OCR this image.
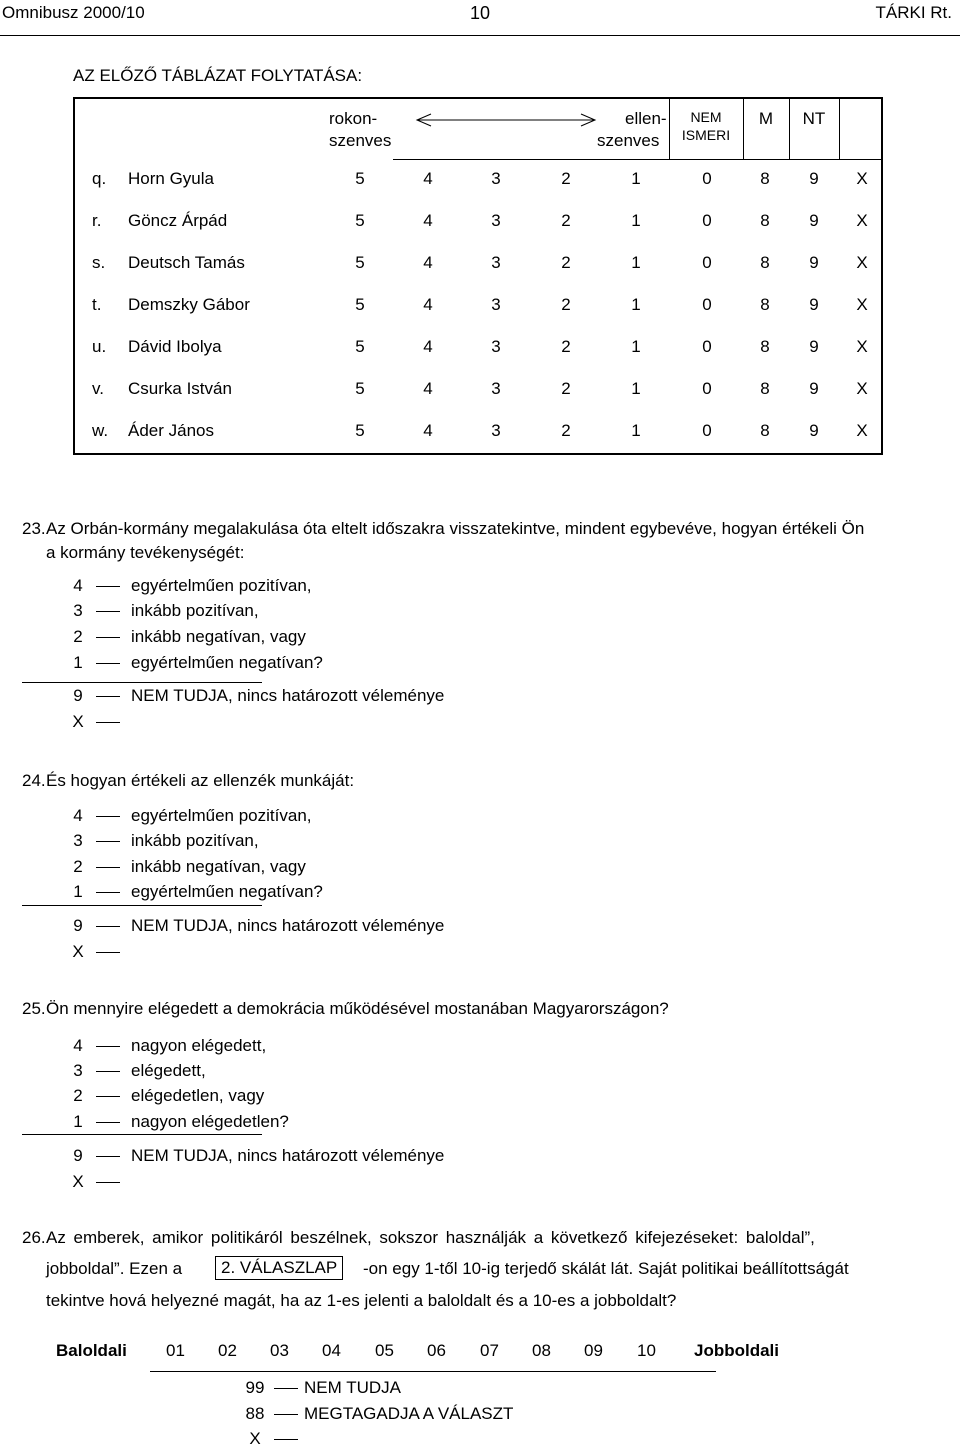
Omnibusz 2000/10	10	TÁRKI Rt.
AZ ELŐZŐ TÁBLÁZAT FOLYTATÁSA:
rokon-
szenves
ellen-
szenves
NEM
ISMERI
M	NT
q. Horn Gyula	5	4	3	2	1	0	8	9	X
r. Göncz Árpád	5	4	3	2	1	0	8	9	X
s. Deutsch Tamás	5	4	3	2	1	0	8	9	X
t. Demszky Gábor	5	4	3	2	1	0	8	9	X
u. Dávid Ibolya	5	4	3	2	1	0	8	9	X
v. Csurka István	5	4	3	2	1	0	8	9	X
w. Áder János	5	4	3	2	1	0	8	9	X
23. Az Orbán-kormány megalakulása óta eltelt időszakra visszatekintve, mindent egybevéve, hogyan értékeli Ön
a kormány tevékenységét:
4	egyértelműen pozitívan,
3	inkább pozitívan,
2	inkább negatívan, vagy
1	egyértelműen negatívan?
9	NEM TUDJA, nincs határozott véleménye
X
24. És hogyan értékeli az ellenzék munkáját:
4	egyértelműen pozitívan,
3	inkább pozitívan,
2	inkább negatívan, vagy
1	egyértelműen negatívan?
9	NEM TUDJA, nincs határozott véleménye
X
25. Ön mennyire elégedett a demokrácia működésével mostanában Magyarországon?
4	nagyon elégedett,
3	elégedett,
2	elégedetlen, vagy
1	nagyon elégedetlen?
9	NEM TUDJA, nincs határozott véleménye
X
26. Az emberek, amikor politikáról beszélnek, sokszor használják a következő kifejezéseket: baloldal”,
jobboldal”. Ezen a	2. VÁLASZLAP	-on egy 1-től 10-ig terjedő skálát lát. Saját politikai beállítottságát
tekintve hová helyezné magát, ha az 1-es jelenti a baloldalt és a 10-es a jobboldalt?
Baloldali 01 02 03 04 05 06 07 08 09 10 Jobboldali
99 NEM TUDJA
88 MEGTAGADJA A VÁLASZT
X
